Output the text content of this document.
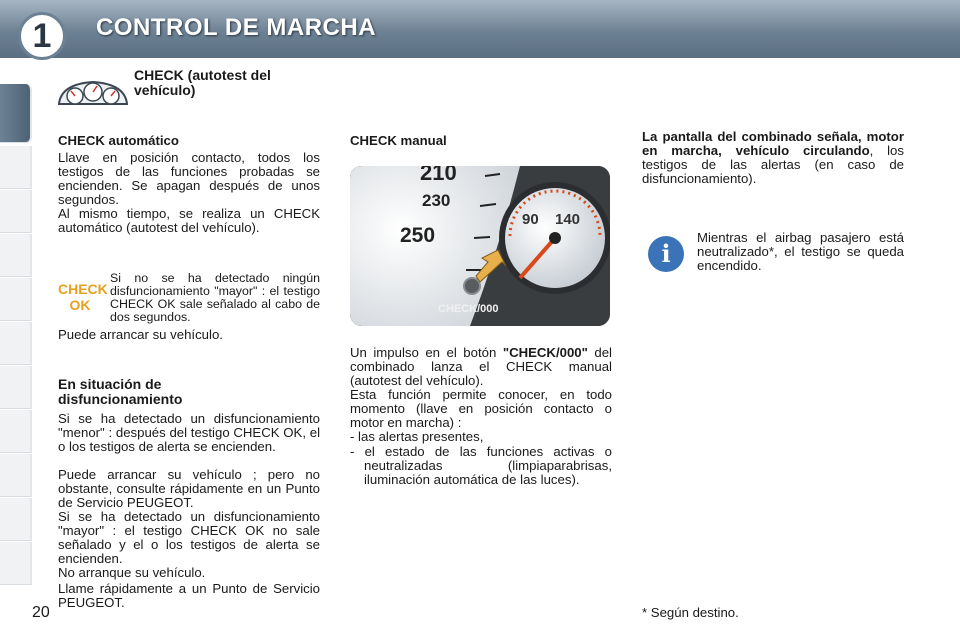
1	CONTROL DE MARCHA
CHECK (autotest del vehículo)
CHECK automático

Llave en posición contacto, todos los testigos de las funciones probadas se encienden. Se apagan después de unos segundos.

Al mismo tiempo, se realiza un CHECK automático (autotest del vehículo).

CHECK OK

Si no se ha detectado ningún disfuncionamiento "mayor" : el testigo CHECK OK sale señalado al cabo de dos segundos.

Puede arrancar su vehículo.

En situación de disfuncionamiento

Si se ha detectado un disfuncionamiento "menor" : después del testigo CHECK OK, el o los testigos de alerta se encienden.

Puede arrancar su vehículo ; pero no obstante, consulte rápidamente en un Punto de Servicio PEUGEOT.

Si se ha detectado un disfuncionamiento "mayor" : el testigo CHECK OK no sale señalado y el o los testigos de alerta se encienden.

No arranque su vehículo.

Llame rápidamente a un Punto de Servicio PEUGEOT.

20
CHECK manual
210
230
250
90 140
CHECK/000

Un impulso en el botón "CHECK/000" del combinado lanza el CHECK manual (autotest del vehículo).

Esta función permite conocer, en todo momento (llave en posición contacto o motor en marcha) :

- las alertas presentes,
- el estado de las funciones activas o neutralizadas (limpiaparabrisas, iluminación automática de las luces).

La pantalla del combinado señala, motor en marcha, vehículo circulando, los testigos de las alertas (en caso de disfuncionamiento).

i

Mientras el airbag pasajero está neutralizado*, el testigo se queda encendido.

* Según destino.
